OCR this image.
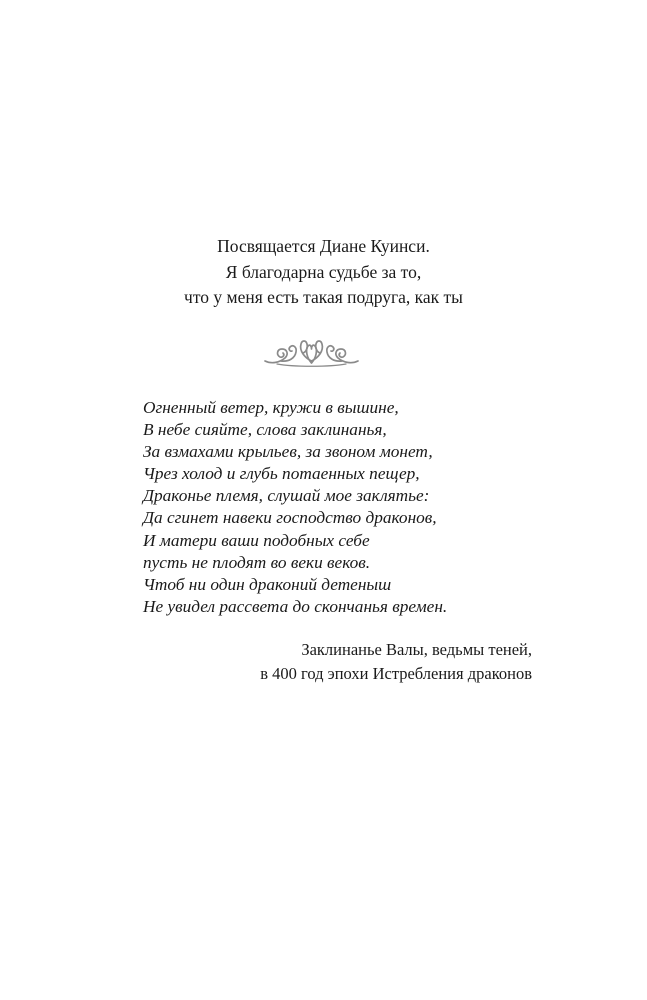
Посвящается Диане Куинси.
Я благодарна судьбе за то,
что у меня есть такая подруга, как ты
Огненный ветер, кружи в вышине,
В небе сияйте, слова заклинанья,
За взмахами крыльев, за звоном монет,
Чрез холод и глубь потаенных пещер,
Драконье племя, слушай мое заклятье:
Да сгинет навеки господство драконов,
И матери ваши подобных себе
пусть не плодят во веки веков.
Чтоб ни один драконий детеныш
Не увидел рассвета до скончанья времен.
Заклинанье Валы, ведьмы теней,
в 400 год эпохи Истребления драконов
